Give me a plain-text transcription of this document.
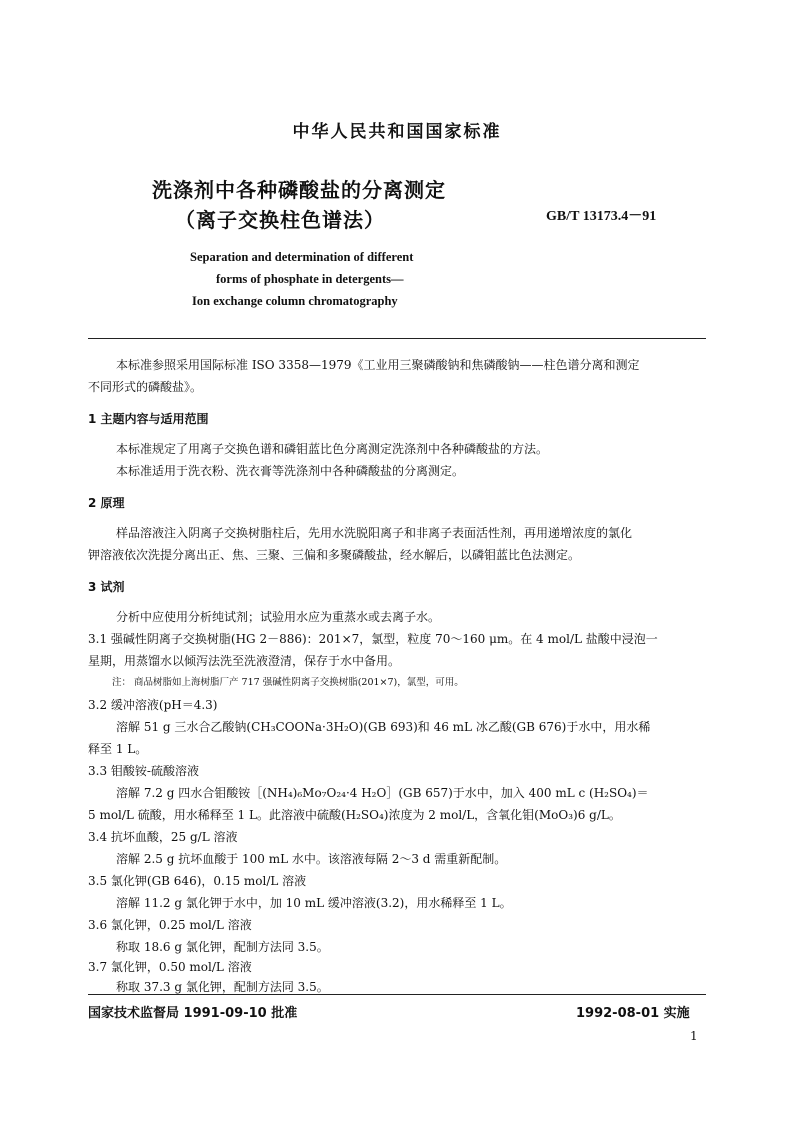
中华人民共和国国家标准
洗涤剂中各种磷酸盐的分离测定
（离子交换柱色谱法）	GB/T 13173.4－91
Separation and determination of different
forms of phosphate in detergents—
Ion exchange column chromatography
本标准参照采用国际标准 ISO 3358—1979《工业用三聚磷酸钠和焦磷酸钠——柱色谱分离和测定
不同形式的磷酸盐》。
1 主题内容与适用范围
本标准规定了用离子交换色谱和磷钼蓝比色分离测定洗涤剂中各种磷酸盐的方法。
本标准适用于洗衣粉、洗衣膏等洗涤剂中各种磷酸盐的分离测定。
2 原理
样品溶液注入阴离子交换树脂柱后，先用水洗脱阳离子和非离子表面活性剂，再用递增浓度的氯化
钾溶液依次洗提分离出正、焦、三聚、三偏和多聚磷酸盐，经水解后，以磷钼蓝比色法测定。
3 试剂
分析中应使用分析纯试剂；试验用水应为重蒸水或去离子水。
3.1 强碱性阴离子交换树脂(HG 2－886)：201×7，氯型，粒度 70～160 μm。在 4 mol/L 盐酸中浸泡一
星期，用蒸馏水以倾泻法洗至洗液澄清，保存于水中备用。
注： 商品树脂如上海树脂厂产 717 强碱性阴离子交换树脂(201×7)，氯型，可用。
3.2 缓冲溶液(pH＝4.3)
溶解 51 g 三水合乙酸钠(CH₃COONa·3H₂O)(GB 693)和 46 mL 冰乙酸(GB 676)于水中，用水稀
释至 1 L。
3.3 钼酸铵-硫酸溶液
溶解 7.2 g 四水合钼酸铵［(NH₄)₆Mo₇O₂₄·4 H₂O］(GB 657)于水中，加入 400 mL c (H₂SO₄)＝
5 mol/L 硫酸，用水稀释至 1 L。此溶液中硫酸(H₂SO₄)浓度为 2 mol/L，含氧化钼(MoO₃)6 g/L。
3.4 抗坏血酸，25 g/L 溶液
溶解 2.5 g 抗坏血酸于 100 mL 水中。该溶液每隔 2～3 d 需重新配制。
3.5 氯化钾(GB 646)，0.15 mol/L 溶液
溶解 11.2 g 氯化钾于水中，加 10 mL 缓冲溶液(3.2)，用水稀释至 1 L。
3.6 氯化钾，0.25 mol/L 溶液
称取 18.6 g 氯化钾，配制方法同 3.5。
3.7 氯化钾，0.50 mol/L 溶液
称取 37.3 g 氯化钾，配制方法同 3.5。
国家技术监督局 1991-09-10 批准	1992-08-01 实施
1
